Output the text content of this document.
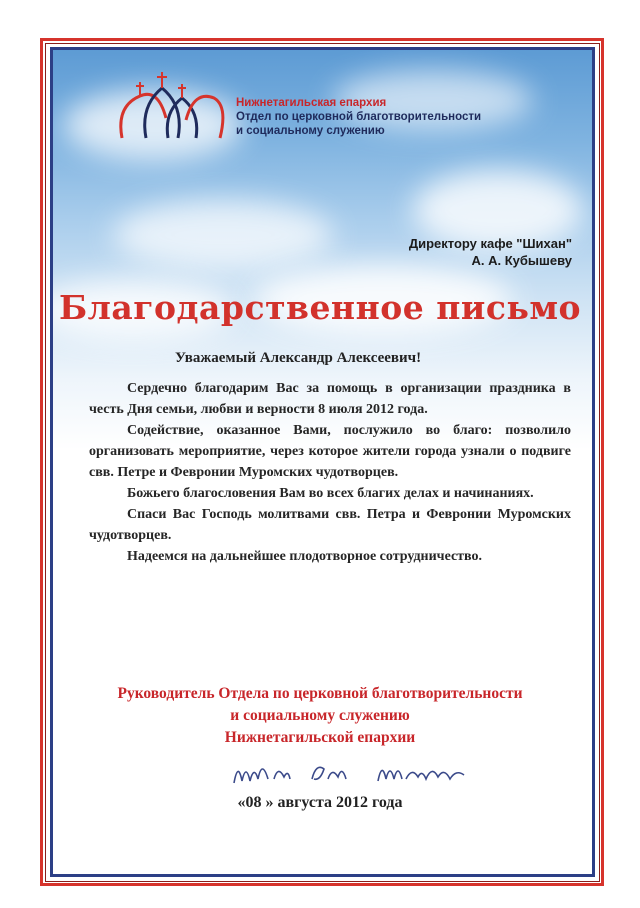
Нижнетагильская епархия
Отдел по церковной благотворительности
и социальному служению
Директору кафе "Шихан"
А. А. Кубышеву
Благодарственное письмо
Уважаемый Александр Алексеевич!

Сердечно благодарим Вас за помощь в организации праздника в честь Дня семьи, любви и верности 8 июля 2012 года.

Содействие, оказанное Вами, послужило во благо: позволило организовать мероприятие, через которое жители города узнали о подвиге свв. Петре и Февронии Муромских чудотворцев.

Божьего благословения Вам во всех благих делах и начинаниях.

Спаси Вас Господь молитвами свв. Петра и Февронии Муромских чудотворцев.

Надеемся на дальнейшее плодотворное сотрудничество.

Руководитель Отдела по церковной благотворительности
и социальному служению
Нижнетагильской епархии
«08 » августа 2012 года
